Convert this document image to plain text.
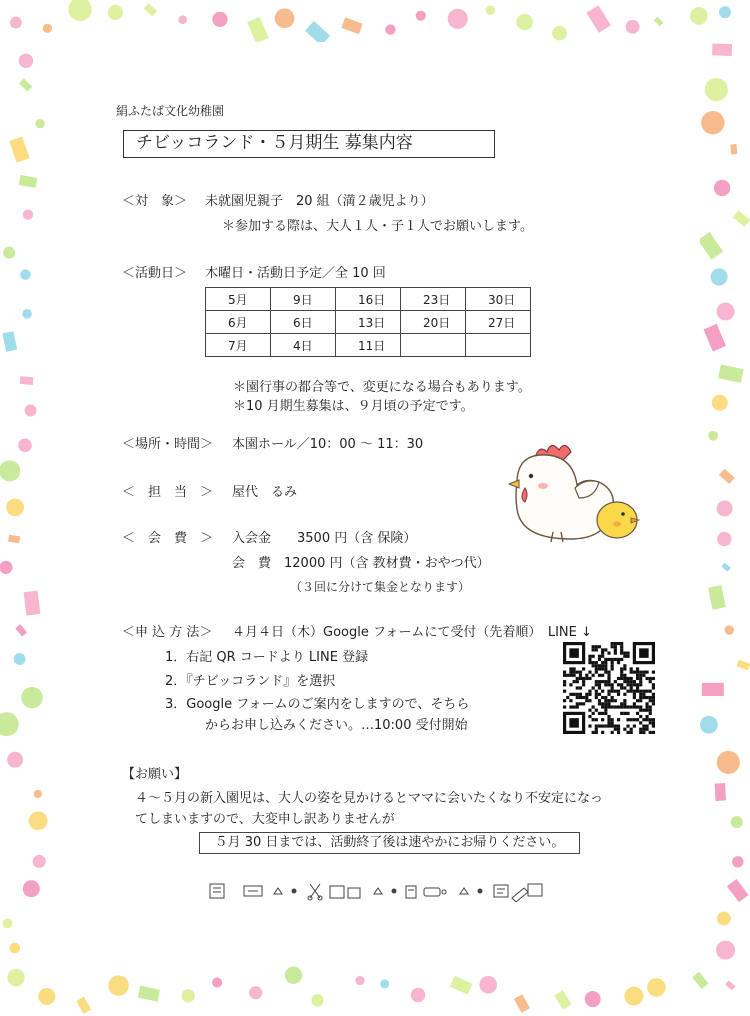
絹ふたば文化幼稚園
チビッコランド・５月期生 募集内容
＜対　象＞ 未就園児親子　20 組（満２歳児より）
＊参加する際は、大人１人・子１人でお願いします。
＜活動日＞ 木曜日・活動日予定／全 10 回
5月	9日	16日	23日	30日
6月	6日	13日	20日	27日
7月	4日	11日		
＊園行事の都合等で、変更になる場合もあります。
＊10 月期生募集は、９月頃の予定です。
＜場所・時間＞ 本園ホール／10：00 ～ 11：30
＜　担　当　＞ 屋代　るみ
＜　会　費　＞ 入会金　　3500 円（含 保険）
会　費　12000 円（含 教材費・おやつ代）
（３回に分けて集金となります）
＜申 込 方 法＞ ４月４日（木）Google フォームにて受付（先着順）　LINE ↓
1．右記 QR コードより LINE 登録
2．『チビッコランド』を選択
3．Google フォームのご案内をしますので、そちら
からお申し込みください。…10:00 受付開始
【お願い】
４～５月の新入園児は、大人の姿を見かけるとママに会いたくなり不安定になっ
てしまいますので、大変申し訳ありませんが
５月 30 日までは、活動終了後は速やかにお帰りください。
